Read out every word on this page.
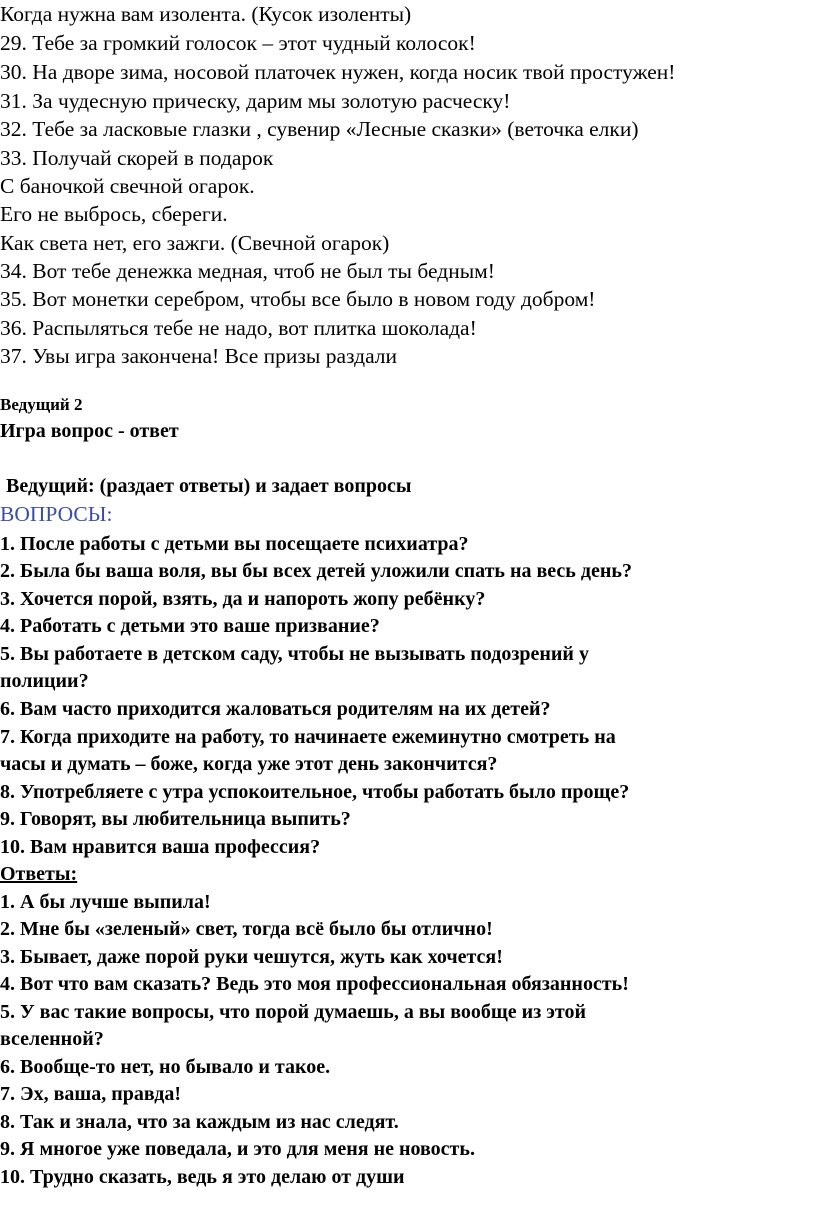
Когда нужна вам изолента. (Кусок изоленты)
29. Тебе за громкий голосок – этот чудный колосок!
30. На дворе зима, носовой платочек нужен, когда носик твой простужен!
31. За чудесную прическу, дарим мы золотую расческу!
32. Тебе за ласковые глазки , сувенир «Лесные сказки» (веточка елки)
33. Получай скорей в подарок
С баночкой свечной огарок.
Его не выбрось, сбереги.
Как света нет, его зажги. (Свечной огарок)
34. Вот тебе денежка медная, чтоб не был ты бедным!
35. Вот монетки серебром, чтобы все было в новом году добром!
36. Распыляться тебе не надо, вот плитка шоколада!
37. Увы игра закончена! Все призы раздали
Ведущий 2
Игра вопрос - ответ
Ведущий: (раздает ответы) и задает вопросы
ВОПРОСЫ:
1. После работы с детьми вы посещаете психиатра?
2. Была бы ваша воля, вы бы всех детей уложили спать на весь день?
3. Хочется порой, взять, да и напороть жопу ребёнку?
4. Работать с детьми это ваше призвание?
5. Вы работаете в детском саду, чтобы не вызывать подозрений у
полиции?
6. Вам часто приходится жаловаться родителям на их детей?
7. Когда приходите на работу, то начинаете ежеминутно смотреть на
часы и думать – боже, когда уже этот день закончится?
8. Употребляете с утра успокоительное, чтобы работать было проще?
9. Говорят, вы любительница выпить?
10. Вам нравится ваша профессия?
Ответы:
1. А бы лучше выпила!
2. Мне бы «зеленый» свет, тогда всё было бы отлично!
3. Бывает, даже порой руки чешутся, жуть как хочется!
4. Вот что вам сказать? Ведь это моя профессиональная обязанность!
5. У вас такие вопросы, что порой думаешь, а вы вообще из этой
вселенной?
6. Вообще-то нет, но бывало и такое.
7. Эх, ваша, правда!
8. Так и знала, что за каждым из нас следят.
9. Я многое уже поведала, и это для меня не новость.
10. Трудно сказать, ведь я это делаю от души
